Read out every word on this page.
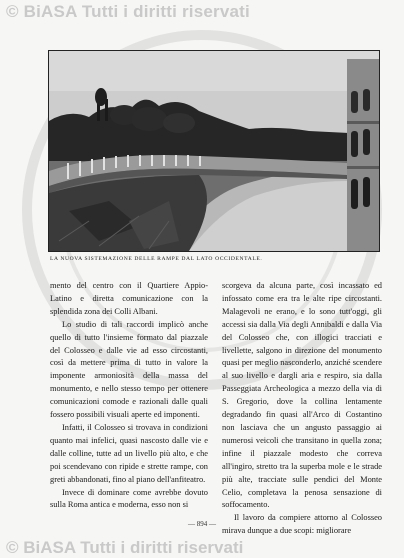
© BiASA Tutti i diritti riservati
LA NUOVA SISTEMAZIONE DELLE RAMPE DAL LATO OCCIDENTALE.

mento del centro con il Quartiere Appio-Latino e diretta comunicazione con la splendida zona dei Colli Albani.

Lo studio di tali raccordi implicò anche quello di tutto l'insieme formato dal piazzale del Colosseo e dalle vie ad esso circostanti, così da mettere prima di tutto in valore la imponente armoniosità della massa del monumento, e nello stesso tempo per ottenere comunicazioni comode e razionali dalle quali fossero possibili visuali aperte ed imponenti.

Infatti, il Colosseo si trovava in condizioni quanto mai infelici, quasi nascosto dalle vie e dalle colline, tutte ad un livello più alto, e che poi scendevano con ripide e strette rampe, con greti abbandonati, fino al piano dell'anfiteatro.

Invece di dominare come avrebbe dovuto sulla Roma antica e moderna, esso non si

scorgeva da alcuna parte, così incassato ed infossato come era tra le alte ripe circostanti. Malagevoli ne erano, e lo sono tutt'oggi, gli accessi sia dalla Via degli Annibaldi e dalla Via del Colosseo che, con illogici tracciati e livellette, salgono in direzione del monumento quasi per meglio nasconderlo, anziché scendere al suo livello e dargli aria e respiro, sia dalla Passeggiata Archeologica a mezzo della via di S. Gregorio, dove la collina lentamente degradando fin quasi all'Arco di Costantino non lasciava che un angusto passaggio ai numerosi veicoli che transitano in quella zona; infine il piazzale modesto che correva all'ingiro, stretto tra la superba mole e le strade più alte, tracciate sulle pendici del Monte Celio, completava la penosa sensazione di soffocamento.

Il lavoro da compiere attorno al Colosseo mirava dunque a due scopi: migliorare

— 894 —
© BiASA Tutti i diritti riservati
